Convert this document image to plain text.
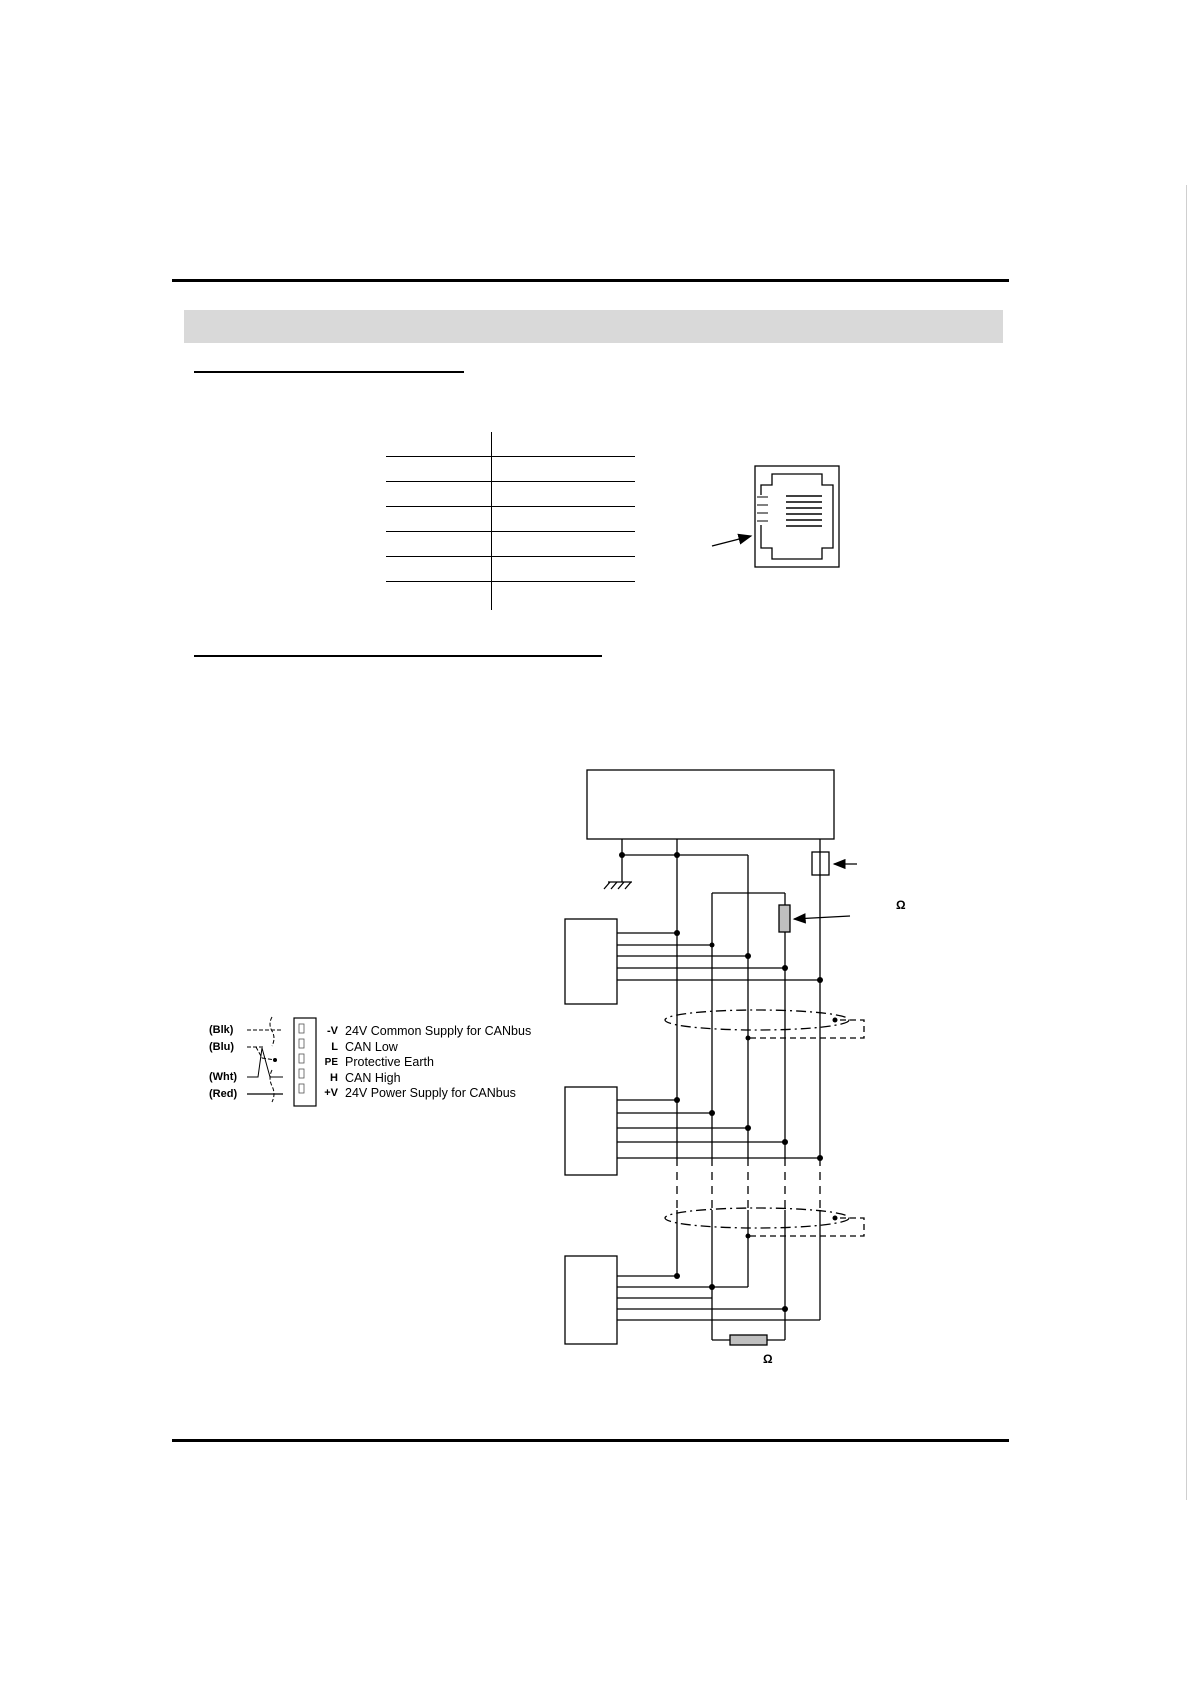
(Blk)
(Blu)
(Wht)
(Red)
-V
L
PE
H
+V
24V Common Supply for CANbus
CAN Low
Protective Earth
CAN High
24V Power Supply for CANbus
Ω
Ω
